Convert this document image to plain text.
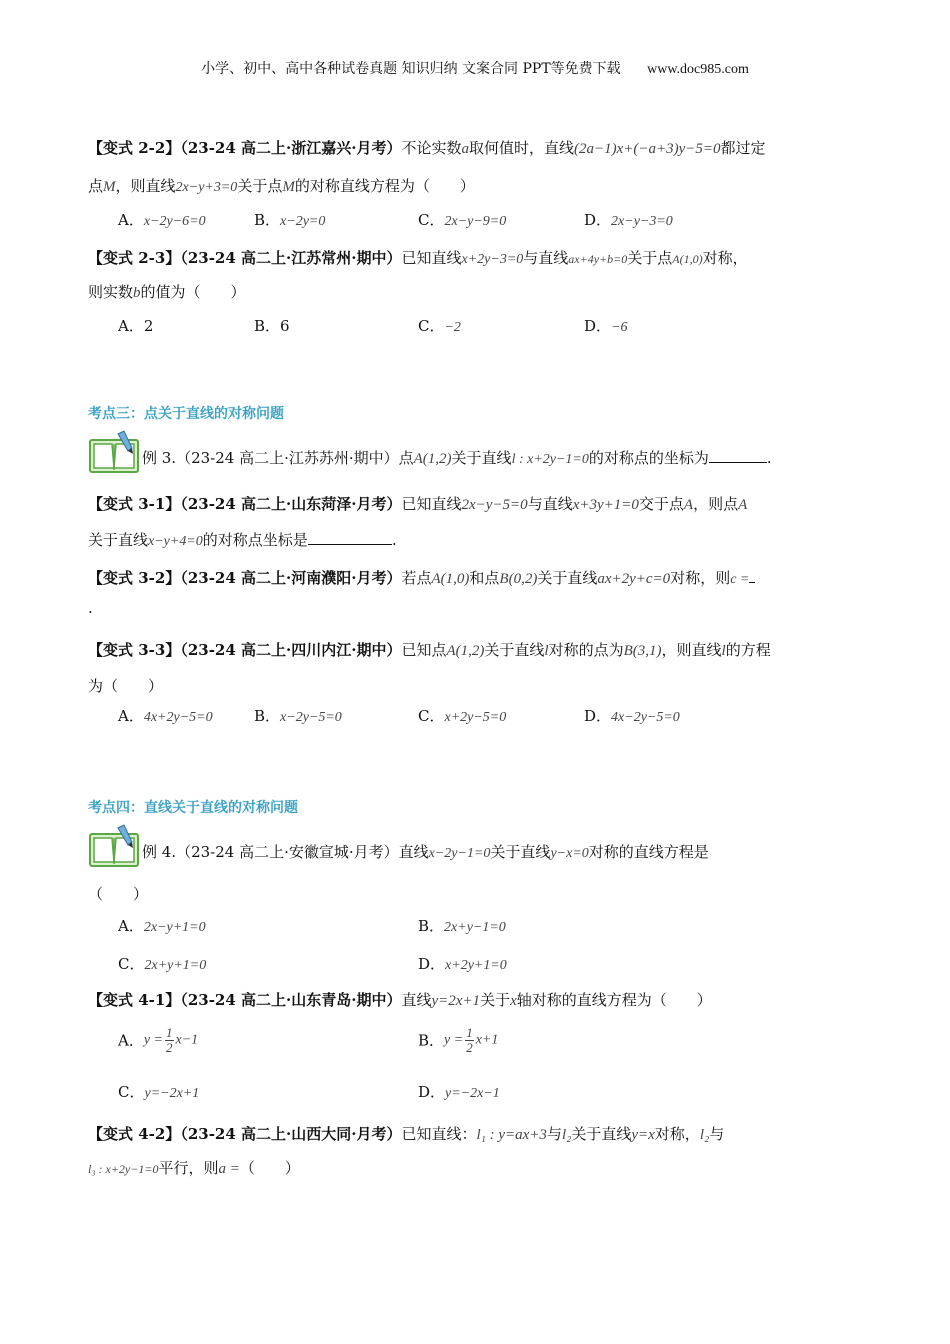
小学、初中、高中各种试卷真题 知识归纳 文案合同 PPT等免费下载 www.doc985.com
【变式 2-2】（23-24 高二上·浙江嘉兴·月考）不论实数a取何值时，直线(2a−1)x+(−a+3)y−5=0都过定
点M，则直线2x−y+3=0关于点M的对称直线方程为（　　）
A．x−2y−6=0	B．x−2y=0	C．2x−y−9=0	D．2x−y−3=0
【变式 2-3】（23-24 高二上·江苏常州·期中）已知直线x+2y−3=0与直线ax+4y+b=0关于点A(1,0)对称，
则实数b的值为（　　）
A．2	B．6	C．−2	D．−6
考点三：点关于直线的对称问题
例 3.（23-24 高二上·江苏苏州·期中）点A(1,2)关于直线l : x+2y−1=0的对称点的坐标为	.
【变式 3-1】（23-24 高二上·山东菏泽·月考）已知直线2x−y−5=0与直线x+3y+1=0交于点A，则点A
关于直线x−y+4=0的对称点坐标是	.
【变式 3-2】（23-24 高二上·河南濮阳·月考）若点A(1,0)和点B(0,2)关于直线ax+2y+c=0对称，则c =
.
【变式 3-3】（23-24 高二上·四川内江·期中）已知点A(1,2)关于直线l对称的点为B(3,1)，则直线l的方程
为（　　）
A．4x+2y−5=0	B．x−2y−5=0	C．x+2y−5=0	D．4x−2y−5=0
考点四：直线关于直线的对称问题
例 4.（23-24 高二上·安徽宣城·月考）直线x−2y−1=0关于直线y−x=0对称的直线方程是
（　　）
A．2x−y+1=0	B．2x+y−1=0
C．2x+y+1=0	D．x+2y+1=0
【变式 4-1】（23-24 高二上·山东青岛·期中）直线y=2x+1关于x轴对称的直线方程为（　　）
A．$y = \frac{1}{2} x-1$	B．$y = \frac{1}{2} x+1$
C．y=−2x+1	D．y=−2x−1
【变式 4-2】（23-24 高二上·山西大同·月考）已知直线：l₁ : y=ax+3与l₂关于直线y=x对称，l₂与
l₃ : x+2y−1=0平行，则a =（　　）
